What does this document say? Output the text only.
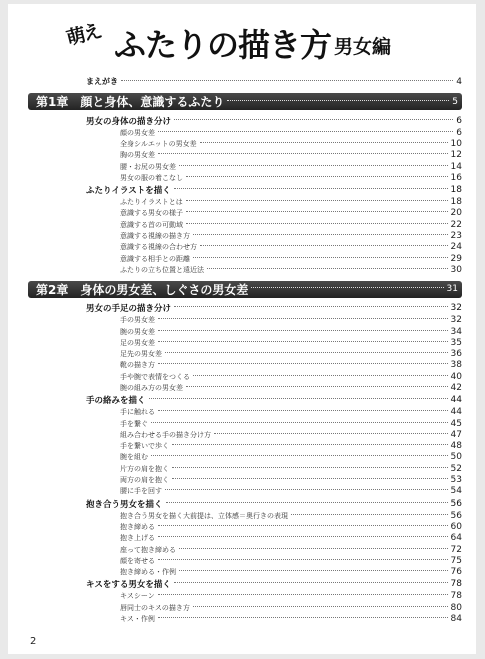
萌え ふたりの描き方 男女編
まえがき	4
第1章　顔と身体、意識するふたり	5
男女の身体の描き分け	6
顔の男女差	6
全身シルエットの男女差	10
胸の男女差	12
腰・お尻の男女差	14
男女の服の着こなし	16
ふたりイラストを描く	18
ふたりイラストとは	18
意識する男女の様子	20
意識する首の可動域	22
意識する視線の描き方	23
意識する視線の合わせ方	24
意識する相手との距離	29
ふたりの立ち位置と遠近法	30
第2章　身体の男女差、しぐさの男女差	31
男女の手足の描き分け	32
手の男女差	32
腕の男女差	34
足の男女差	35
足先の男女差	36
靴の描き方	38
手や腕で表情をつくる	40
腕の組み方の男女差	42
手の絡みを描く	44
手に触れる	44
手を繋ぐ	45
組み合わせる手の描き分け方	47
手を繋いで歩く	48
腕を組む	50
片方の肩を抱く	52
両方の肩を抱く	53
腰に手を回す	54
抱き合う男女を描く	56
抱き合う男女を描く大前提は、立体感＝奥行きの表現	56
抱き締める	60
抱き上げる	64
座って抱き締める	72
顔を寄せる	75
抱き締める・作例	76
キスをする男女を描く	78
キスシーン	78
唇同士のキスの描き方	80
キス・作例	84
2
